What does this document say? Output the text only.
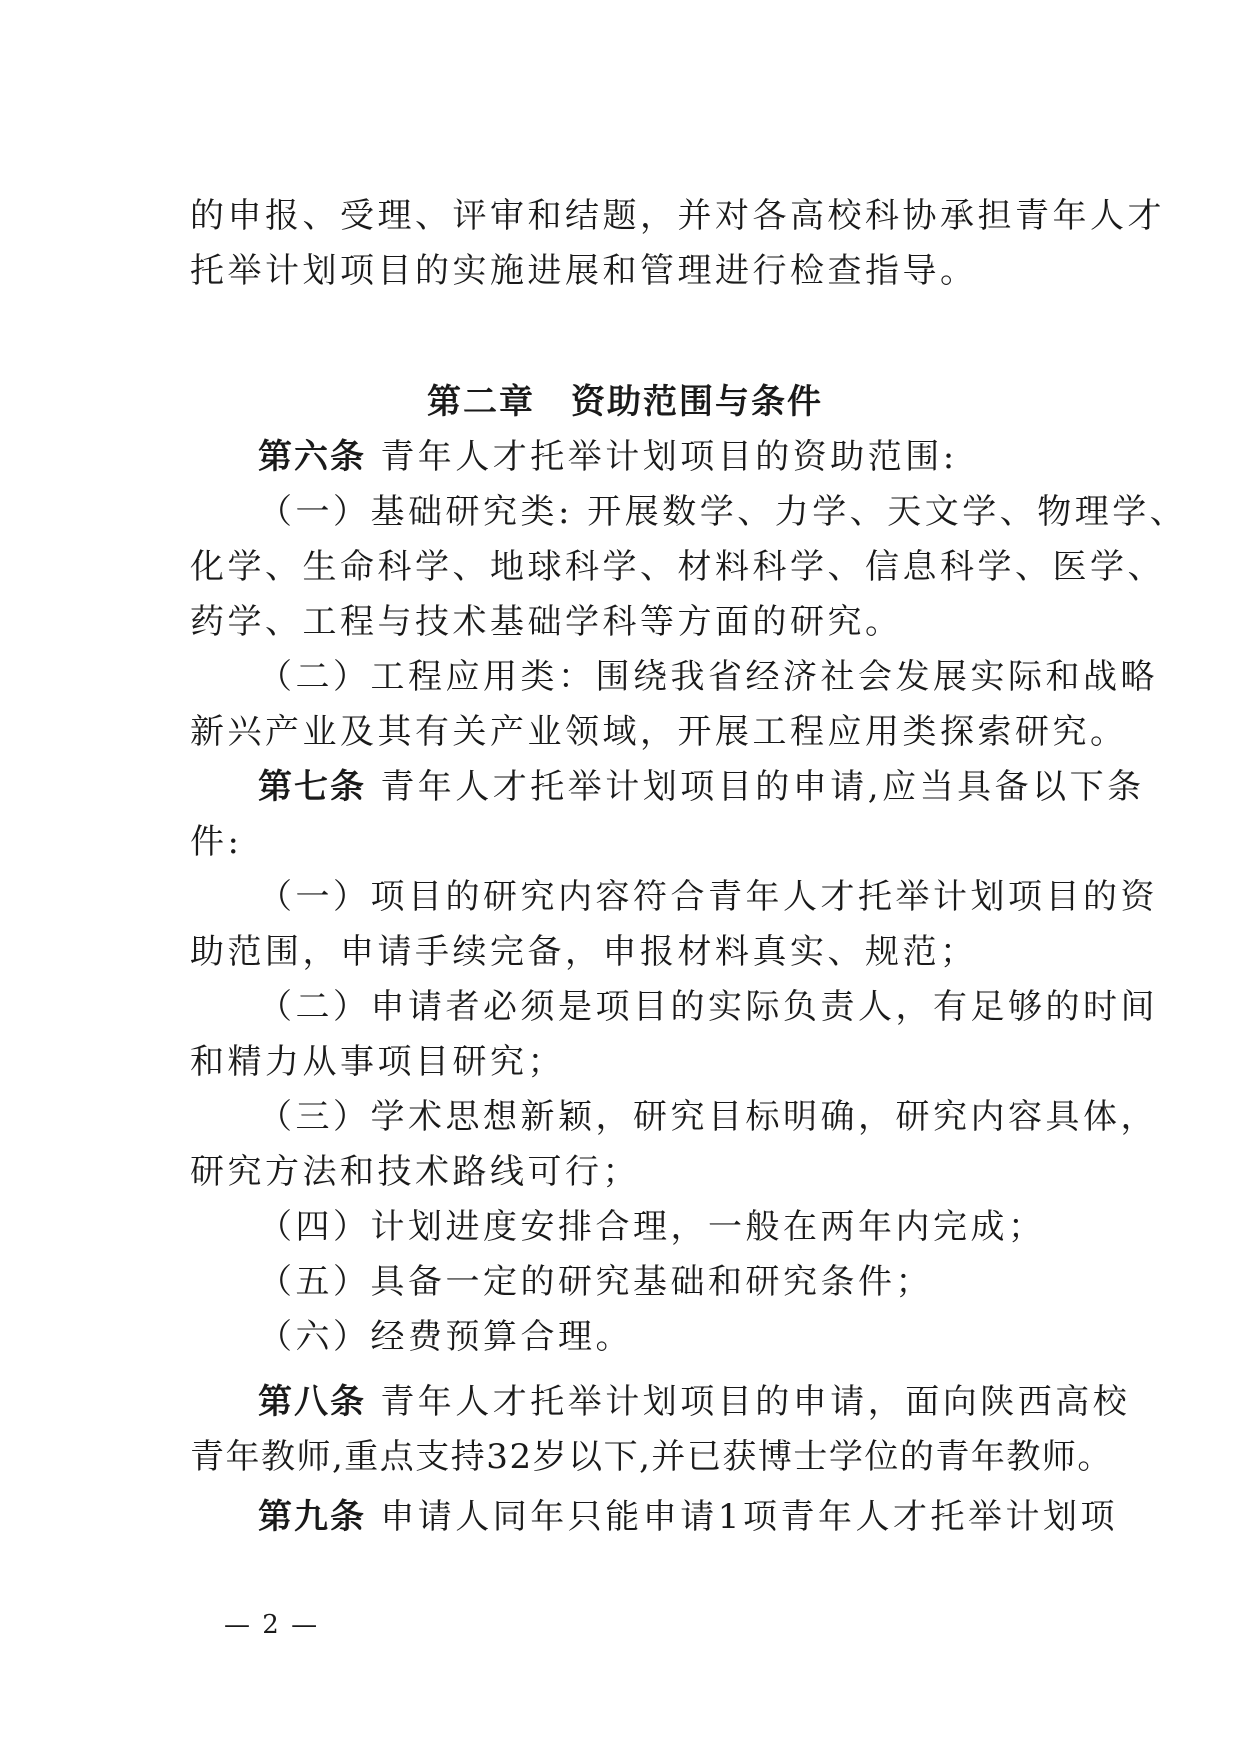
的申报、受理、评审和结题，并对各高校科协承担青年人才
托举计划项目的实施进展和管理进行检查指导。
第二章　资助范围与条件
第六条 青年人才托举计划项目的资助范围:
（一）基础研究类: 开展数学、力学、天文学、物理学、
化学、生命科学、地球科学、材料科学、信息科学、医学、
药学、工程与技术基础学科等方面的研究。
（二）工程应用类：围绕我省经济社会发展实际和战略
新兴产业及其有关产业领域，开展工程应用类探索研究。
第七条 青年人才托举计划项目的申请,应当具备以下条
件:
（一）项目的研究内容符合青年人才托举计划项目的资
助范围，申请手续完备，申报材料真实、规范；
（二）申请者必须是项目的实际负责人，有足够的时间
和精力从事项目研究；
（三）学术思想新颖，研究目标明确，研究内容具体，
研究方法和技术路线可行；
（四）计划进度安排合理，一般在两年内完成；
（五）具备一定的研究基础和研究条件；
（六）经费预算合理。
第八条 青年人才托举计划项目的申请，面向陕西高校
青年教师,重点支持32岁以下,并已获博士学位的青年教师。
第九条 申请人同年只能申请1项青年人才托举计划项
— 2 —
